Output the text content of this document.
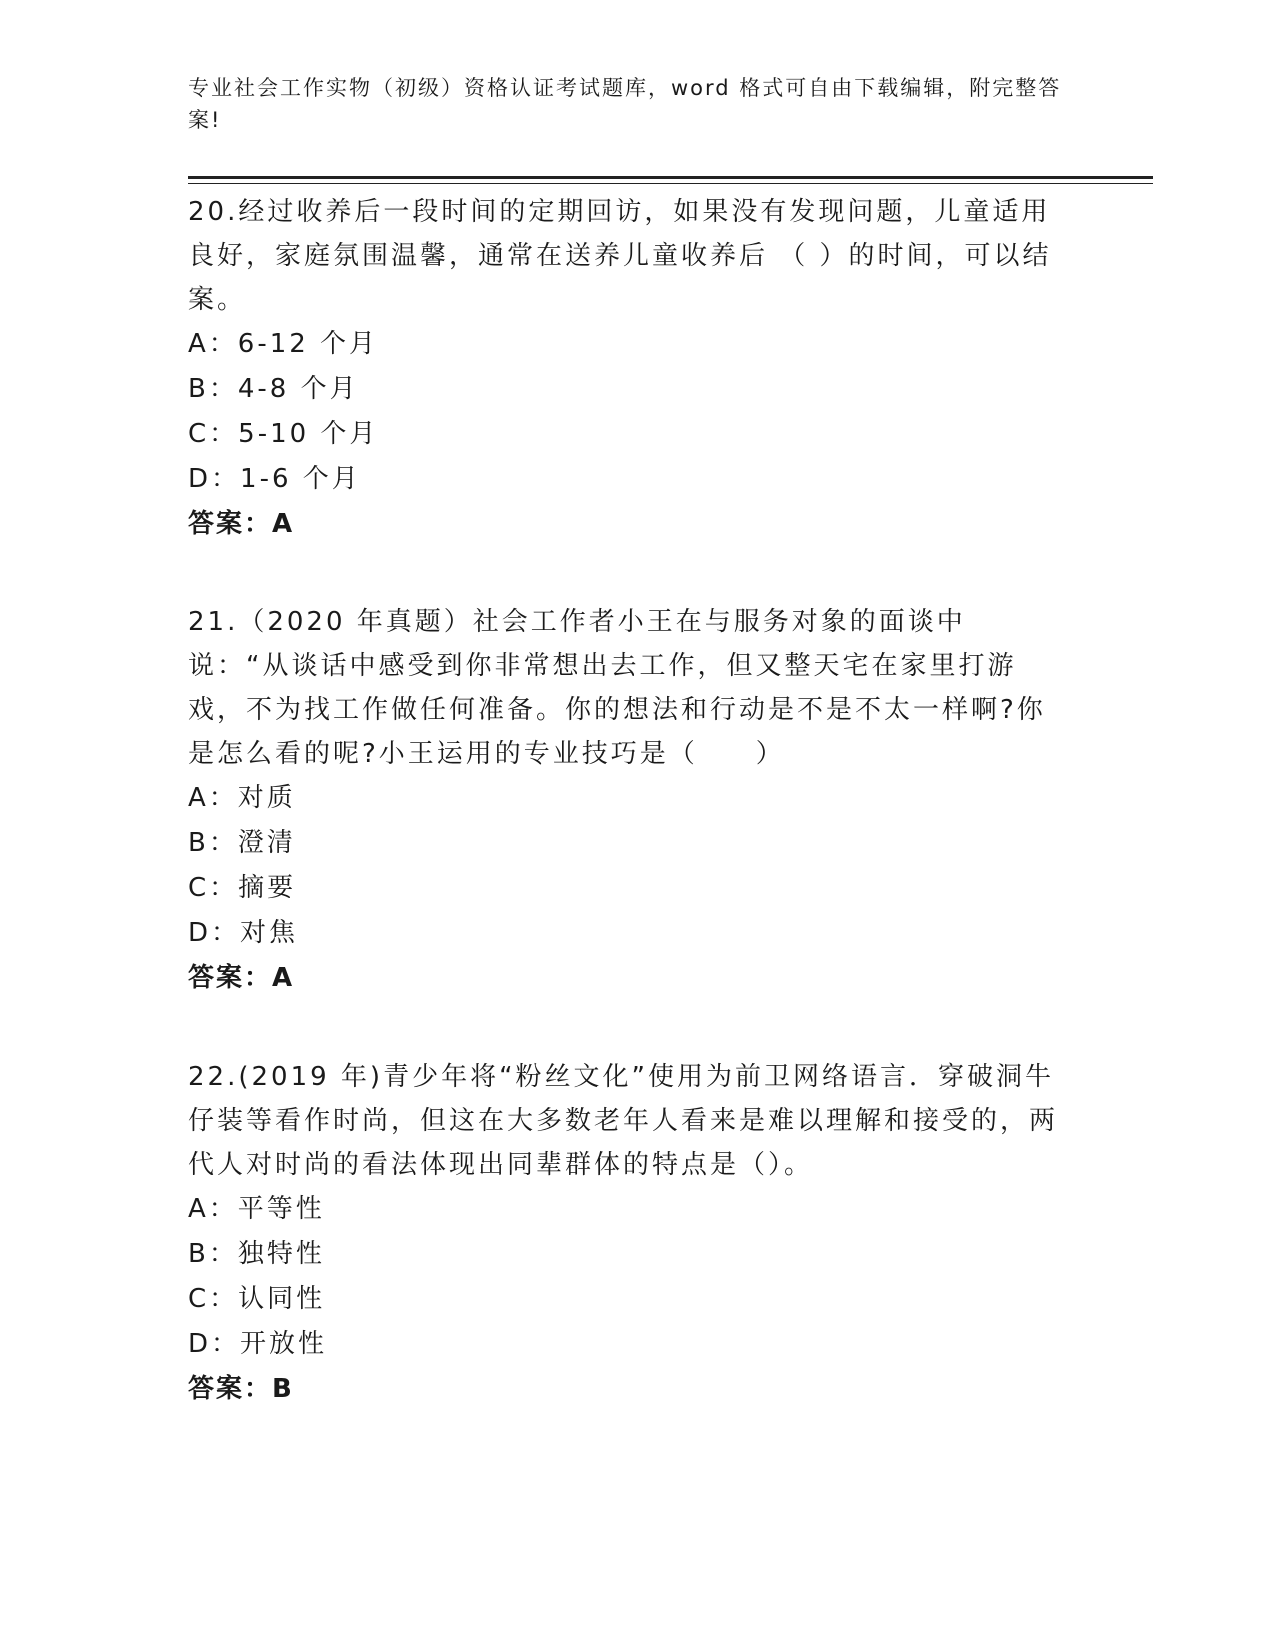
专业社会工作实物（初级）资格认证考试题库，word 格式可自由下载编辑，附完整答案!

20.经过收养后一段时间的定期回访，如果没有发现问题，儿童适用良好，家庭氛围温馨，通常在送养儿童收养后 （ ）的时间，可以结案。

A：6-12 个月

B：4-8 个月

C：5-10 个月

D：1-6 个月

答案：A

21.（2020 年真题）社会工作者小王在与服务对象的面谈中说：“从谈话中感受到你非常想出去工作，但又整天宅在家里打游戏，不为找工作做任何准备。你的想法和行动是不是不太一样啊?你是怎么看的呢?小王运用的专业技巧是（　　）

A：对质

B：澄清

C：摘要

D：对焦

答案：A

22.(2019 年)青少年将“粉丝文化”使用为前卫网络语言．穿破洞牛仔装等看作时尚，但这在大多数老年人看来是难以理解和接受的，两代人对时尚的看法体现出同辈群体的特点是（）。

A：平等性

B：独特性

C：认同性

D：开放性

答案：B
